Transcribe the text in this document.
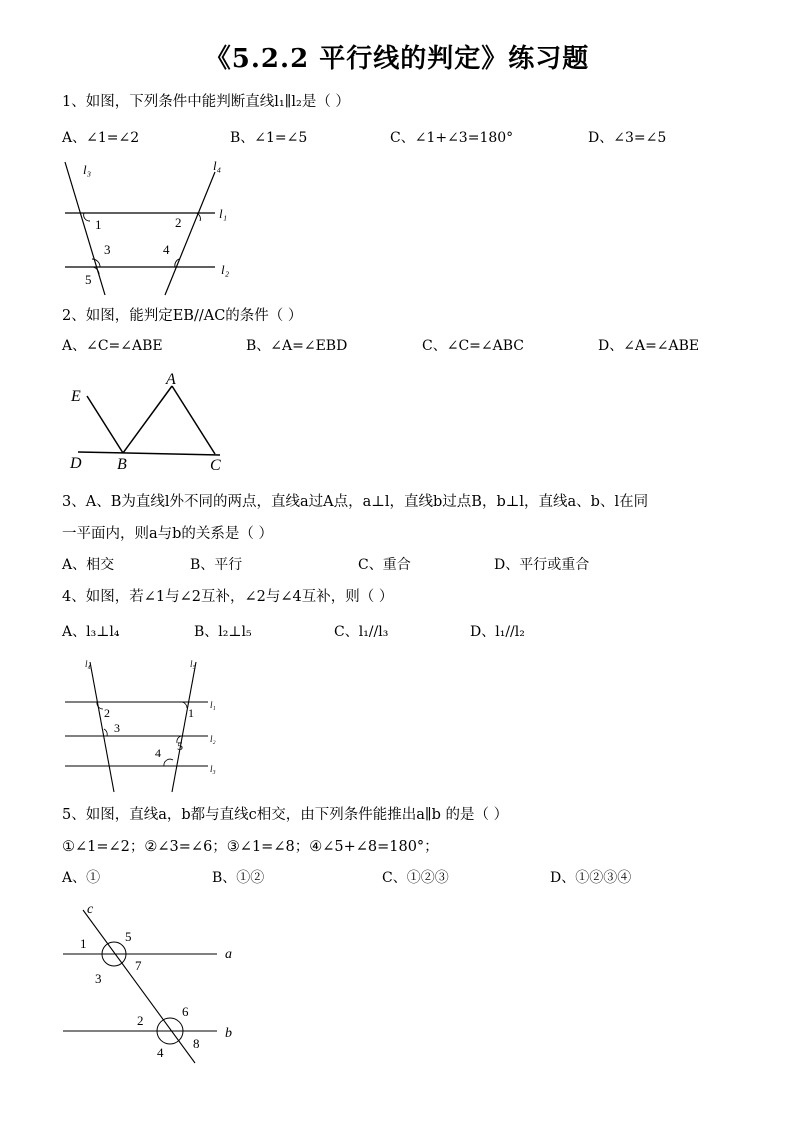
《5.2.2 平行线的判定》练习题
1、如图，下列条件中能判断直线l₁∥l₂是（ ）
A、∠1=∠2	B、∠1=∠5	C、∠1+∠3=180°	D、∠3=∠5
l₃	l₄
l₁
l₂
1	2
3	4
5
2、如图，能判定EB//AC的条件（ ）
A、∠C=∠ABE	B、∠A=∠EBD	C、∠C=∠ABC	D、∠A=∠ABE
E
A
D B	C
3、A、B为直线l外不同的两点，直线a过A点，a⊥l，直线b过点B，b⊥l，直线a、b、l在同
一平面内，则a与b的关系是（ ）
A、相交	B、平行	C、重合	D、平行或重合
4、如图，若∠1与∠2互补，∠2与∠4互补，则（ ）
A、l₃⊥l₄	B、l₂⊥l₅	C、l₁//l₃	D、l₁//l₂
l₄	l₅
l₁
l₂
l₃
1
2
3
4 5
5、如图，直线a，b都与直线c相交，由下列条件能推出a∥b 的是（ ）
①∠1=∠2；②∠3=∠6；③∠1=∠8；④∠5+∠8=180°；
A、①	B、①②	C、①②③	D、①②③④
c
a
b
1	5
3
7
2
6
4
8
